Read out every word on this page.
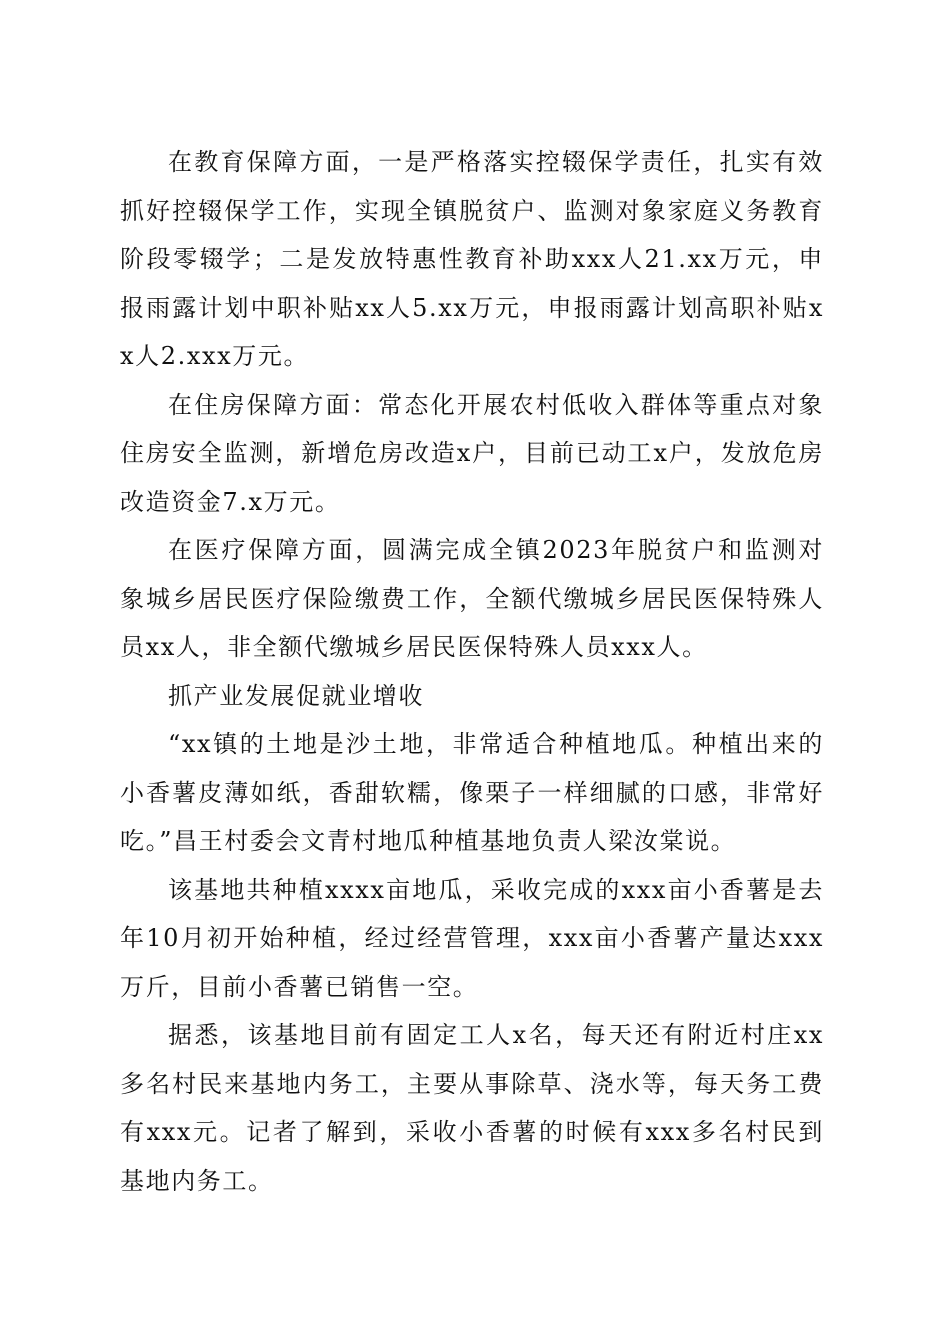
在教育保障方面，一是严格落实控辍保学责任，扎实有效抓好控辍保学工作，实现全镇脱贫户、监测对象家庭义务教育阶段零辍学；二是发放特惠性教育补助xxx人21.xx万元，申报雨露计划中职补贴xx人5.xx万元，申报雨露计划高职补贴xx人2.xxx万元。

在住房保障方面：常态化开展农村低收入群体等重点对象住房安全监测，新增危房改造x户，目前已动工x户，发放危房改造资金7.x万元。

在医疗保障方面，圆满完成全镇2023年脱贫户和监测对象城乡居民医疗保险缴费工作，全额代缴城乡居民医保特殊人员xx人，非全额代缴城乡居民医保特殊人员xxx人。

抓产业发展促就业增收

“xx镇的土地是沙土地，非常适合种植地瓜。种植出来的小香薯皮薄如纸，香甜软糯，像栗子一样细腻的口感，非常好吃。”昌王村委会文青村地瓜种植基地负责人梁汝棠说。

该基地共种植xxxx亩地瓜，采收完成的xxx亩小香薯是去年10月初开始种植，经过经营管理，xxx亩小香薯产量达xxx万斤，目前小香薯已销售一空。

据悉，该基地目前有固定工人x名，每天还有附近村庄xx多名村民来基地内务工，主要从事除草、浇水等，每天务工费有xxx元。记者了解到，采收小香薯的时候有xxx多名村民到基地内务工。
